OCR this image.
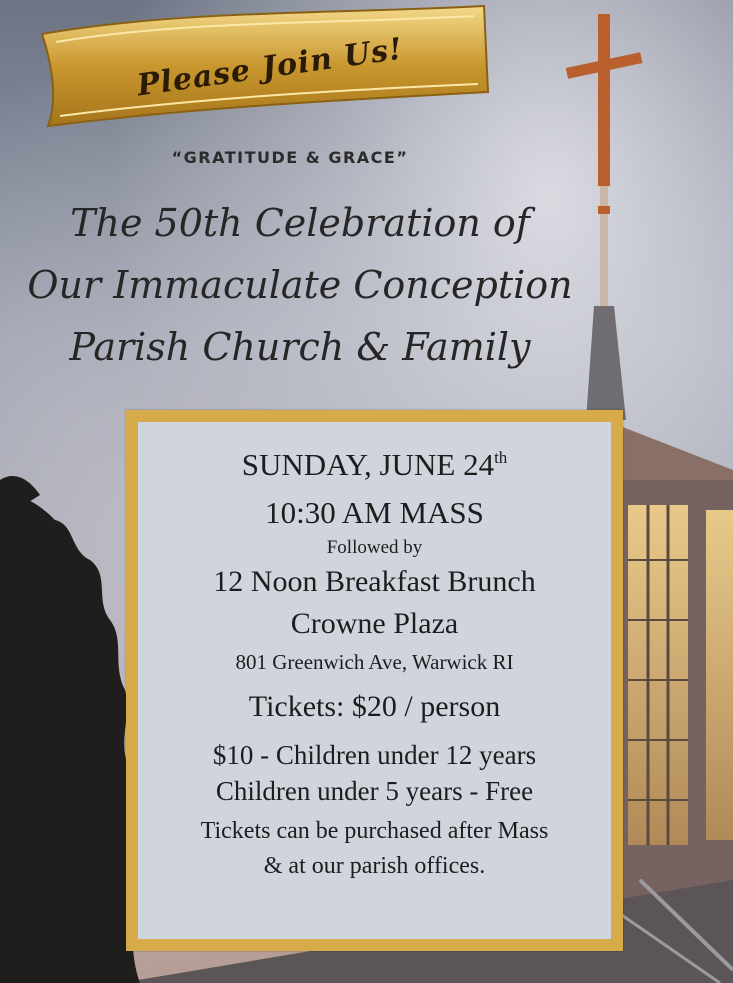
Please Join Us!
“GRATITUDE & GRACE”
The 50th Celebration of
Our Immaculate Conception
Parish Church & Family
SUNDAY, JUNE 24th
10:30 AM MASS
Followed by
12 Noon Breakfast Brunch
Crowne Plaza
801 Greenwich Ave, Warwick RI
Tickets: $20 / person
$10 - Children under 12 years
Children under 5 years - Free
Tickets can be purchased after Mass
& at our parish offices.
